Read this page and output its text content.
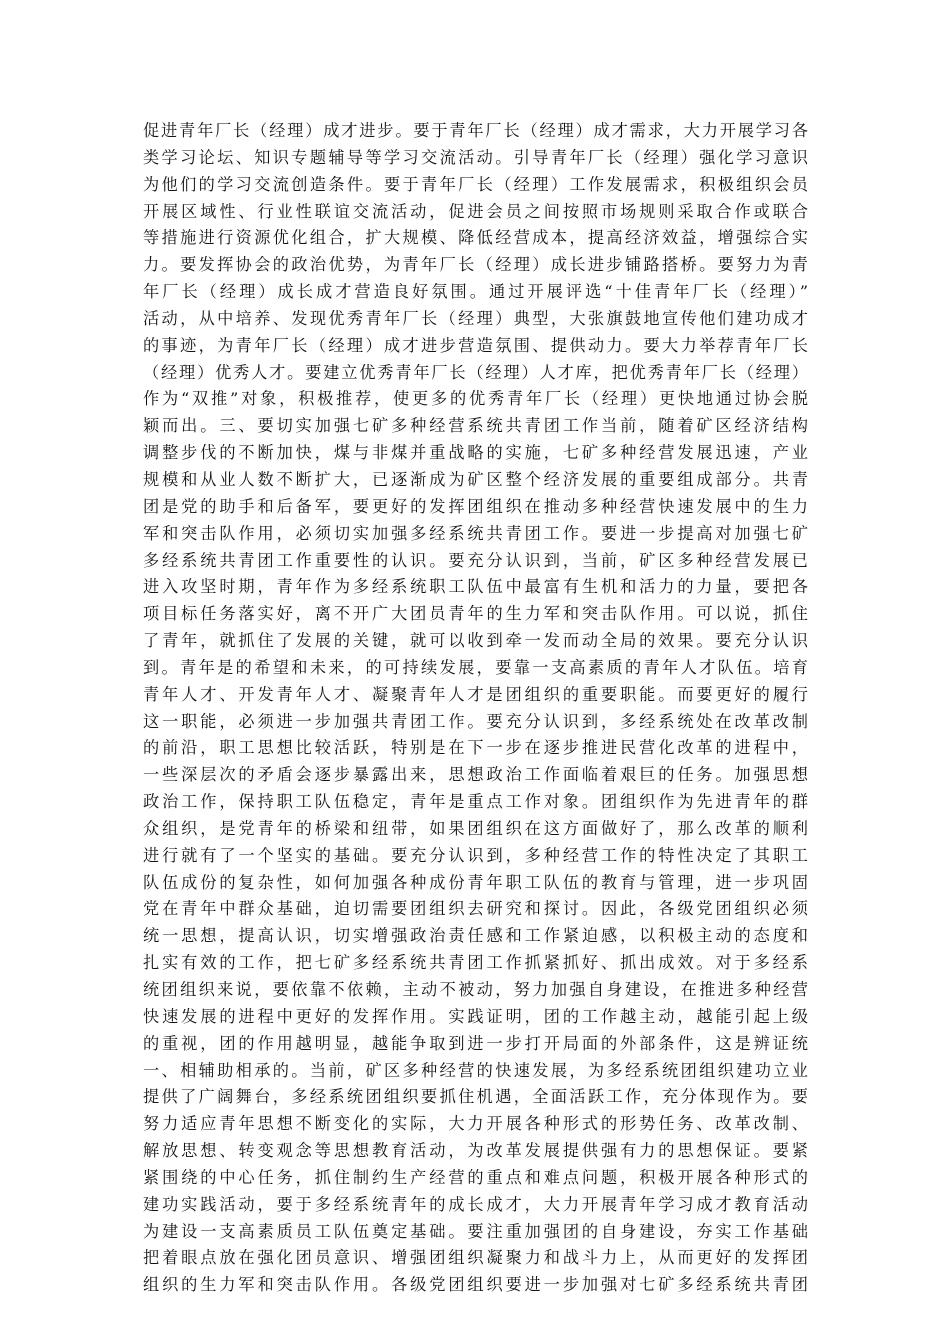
促进青年厂长（经理）成才进步。要于青年厂长（经理）成才需求，大力开展学习各
类学习论坛、知识专题辅导等学习交流活动。引导青年厂长（经理）强化学习意识
为他们的学习交流创造条件。要于青年厂长（经理）工作发展需求，积极组织会员
开展区域性、行业性联谊交流活动，促进会员之间按照市场规则采取合作或联合
等措施进行资源优化组合，扩大规模、降低经营成本，提高经济效益，增强综合实
力。要发挥协会的政治优势，为青年厂长（经理）成长进步铺路搭桥。要努力为青
年厂长（经理）成长成才营造良好氛围。通过开展评选“十佳青年厂长（经理）”
活动，从中培养、发现优秀青年厂长（经理）典型，大张旗鼓地宣传他们建功成才
的事迹，为青年厂长（经理）成才进步营造氛围、提供动力。要大力举荐青年厂长
（经理）优秀人才。要建立优秀青年厂长（经理）人才库，把优秀青年厂长（经理）
作为“双推”对象，积极推荐，使更多的优秀青年厂长（经理）更快地通过协会脱
颖而出。三、要切实加强七矿多种经营系统共青团工作当前，随着矿区经济结构
调整步伐的不断加快，煤与非煤并重战略的实施，七矿多种经营发展迅速，产业
规模和从业人数不断扩大，已逐渐成为矿区整个经济发展的重要组成部分。共青
团是党的助手和后备军，要更好的发挥团组织在推动多种经营快速发展中的生力
军和突击队作用，必须切实加强多经系统共青团工作。要进一步提高对加强七矿
多经系统共青团工作重要性的认识。要充分认识到，当前，矿区多种经营发展已
进入攻坚时期，青年作为多经系统职工队伍中最富有生机和活力的力量，要把各
项目标任务落实好，离不开广大团员青年的生力军和突击队作用。可以说，抓住
了青年，就抓住了发展的关键，就可以收到牵一发而动全局的效果。要充分认识
到。青年是的希望和未来，的可持续发展，要靠一支高素质的青年人才队伍。培育
青年人才、开发青年人才、凝聚青年人才是团组织的重要职能。而要更好的履行
这一职能，必须进一步加强共青团工作。要充分认识到，多经系统处在改革改制
的前沿，职工思想比较活跃，特别是在下一步在逐步推进民营化改革的进程中，
一些深层次的矛盾会逐步暴露出来，思想政治工作面临着艰巨的任务。加强思想
政治工作，保持职工队伍稳定，青年是重点工作对象。团组织作为先进青年的群
众组织，是党青年的桥梁和纽带，如果团组织在这方面做好了，那么改革的顺利
进行就有了一个坚实的基础。要充分认识到，多种经营工作的特性决定了其职工
队伍成份的复杂性，如何加强各种成份青年职工队伍的教育与管理，进一步巩固
党在青年中群众基础，迫切需要团组织去研究和探讨。因此，各级党团组织必须
统一思想，提高认识，切实增强政治责任感和工作紧迫感，以积极主动的态度和
扎实有效的工作，把七矿多经系统共青团工作抓紧抓好、抓出成效。对于多经系
统团组织来说，要依靠不依赖，主动不被动，努力加强自身建设，在推进多种经营
快速发展的进程中更好的发挥作用。实践证明，团的工作越主动，越能引起上级
的重视，团的作用越明显，越能争取到进一步打开局面的外部条件，这是辨证统
一、相辅助相承的。当前，矿区多种经营的快速发展，为多经系统团组织建功立业
提供了广阔舞台，多经系统团组织要抓住机遇，全面活跃工作，充分体现作为。要
努力适应青年思想不断变化的实际，大力开展各种形式的形势任务、改革改制、
解放思想、转变观念等思想教育活动，为改革发展提供强有力的思想保证。要紧
紧围绕的中心任务，抓住制约生产经营的重点和难点问题，积极开展各种形式的
建功实践活动，要于多经系统青年的成长成才，大力开展青年学习成才教育活动
为建设一支高素质员工队伍奠定基础。要注重加强团的自身建设，夯实工作基础
把着眼点放在强化团员意识、增强团组织凝聚力和战斗力上，从而更好的发挥团
组织的生力军和突击队作用。各级党团组织要进一步加强对七矿多经系统共青团
